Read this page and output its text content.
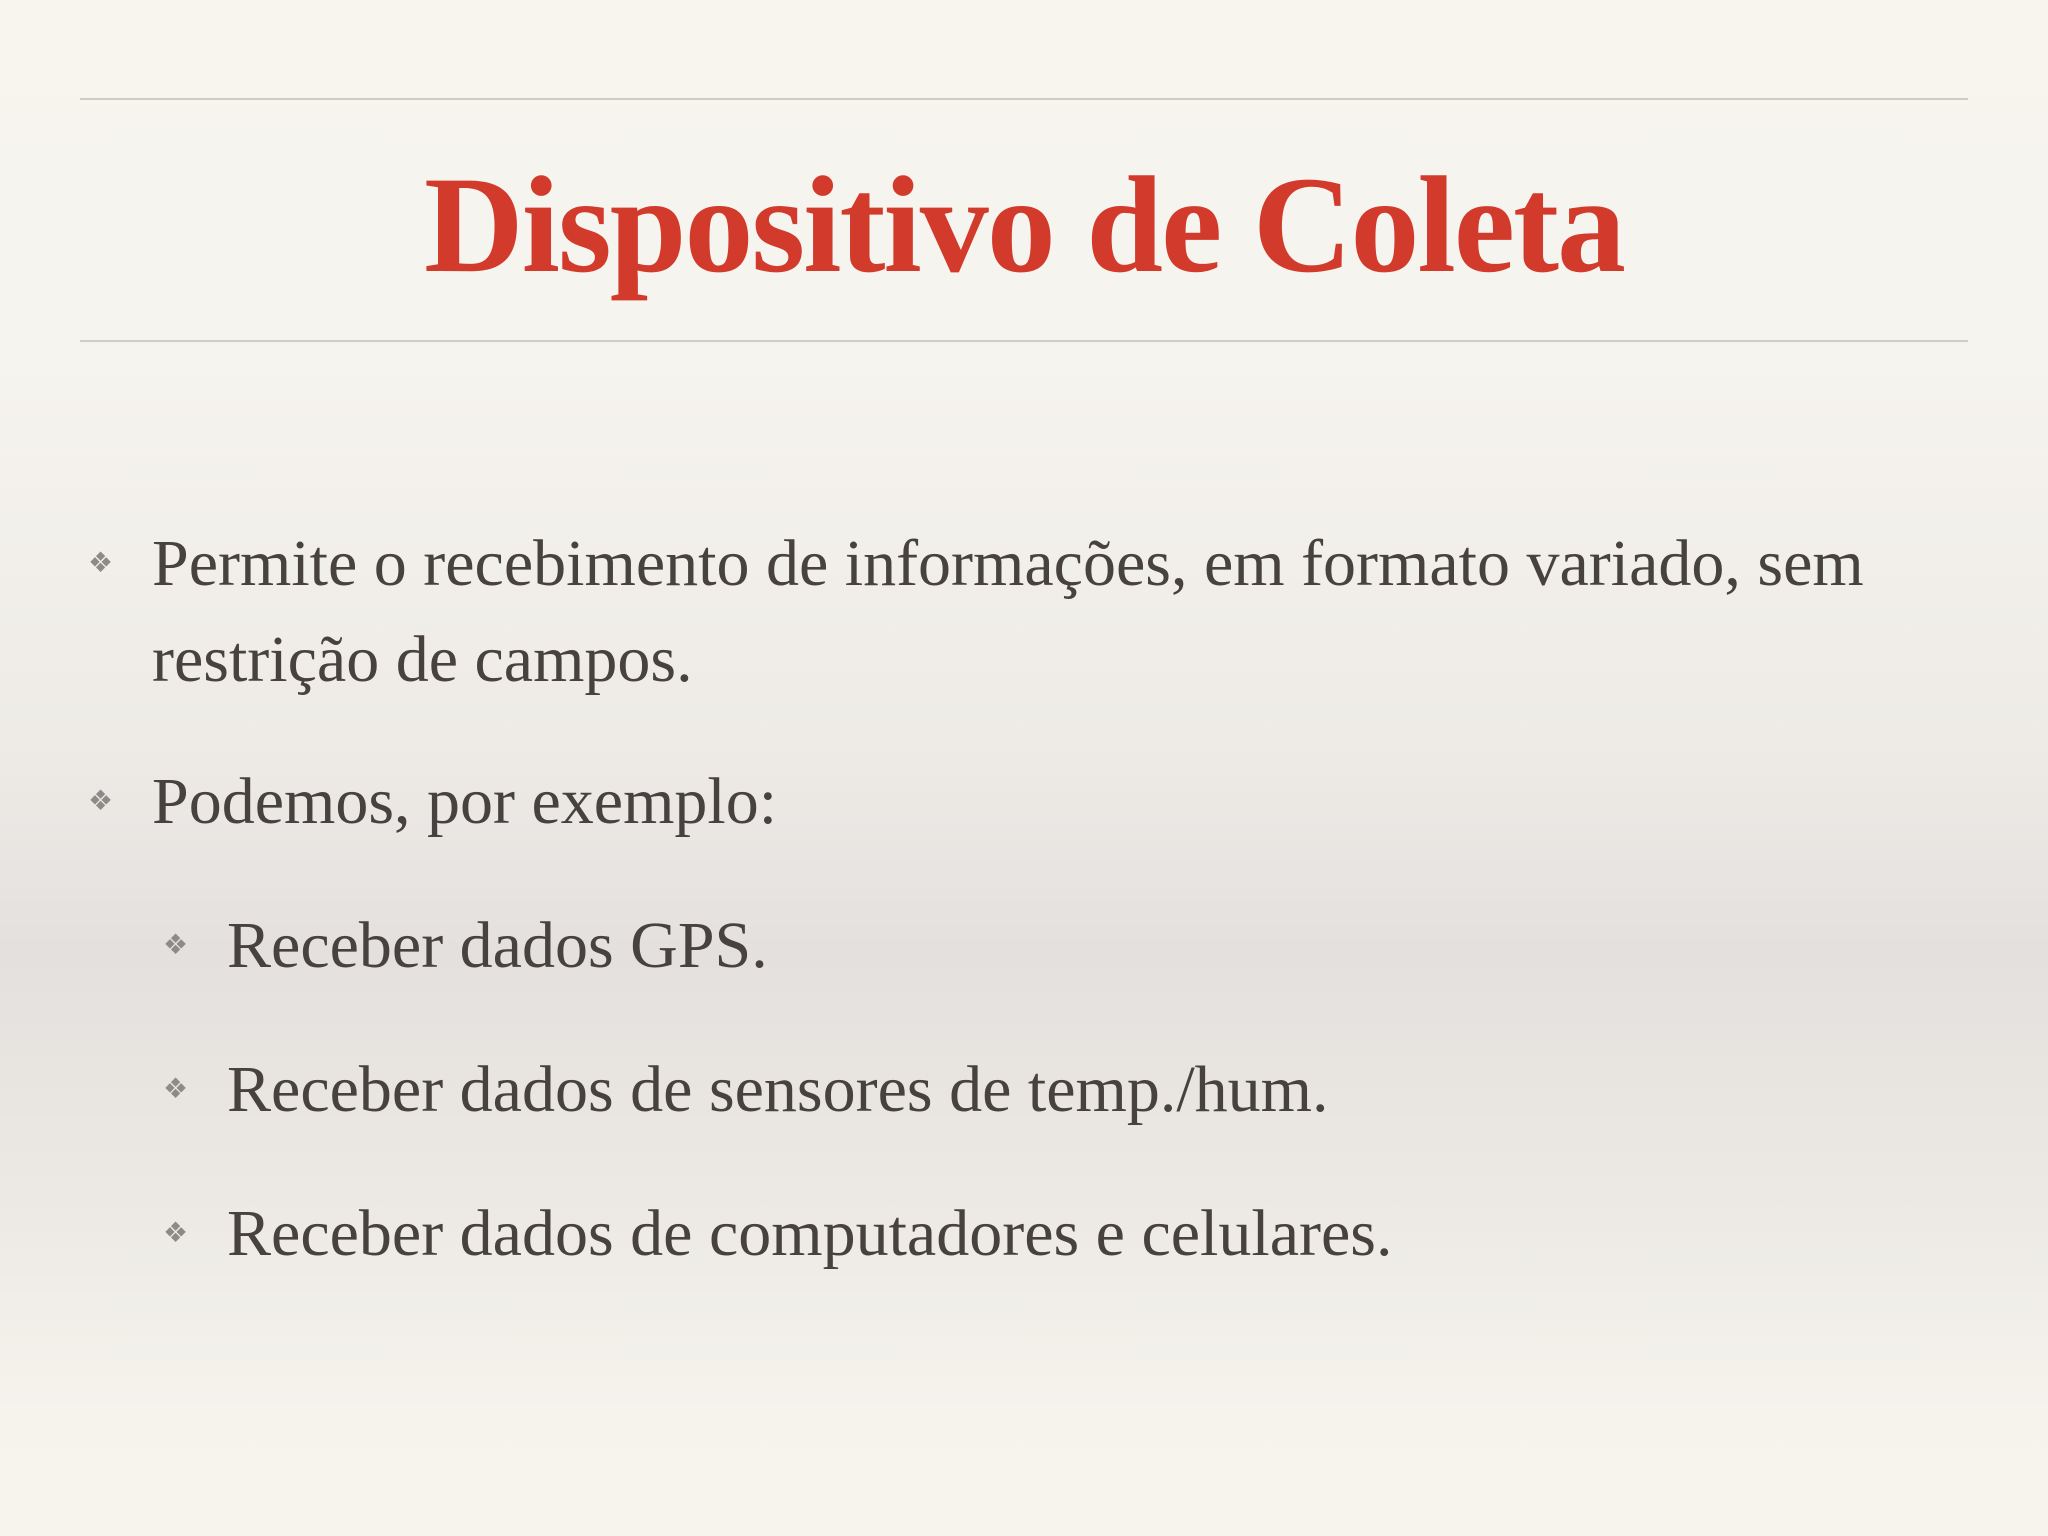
Dispositivo de Coleta
❖ Permite o recebimento de informações, em formato variado, sem restrição de campos.
❖ Podemos, por exemplo:
❖ Receber dados GPS.
❖ Receber dados de sensores de temp./hum.
❖ Receber dados de computadores e celulares.
